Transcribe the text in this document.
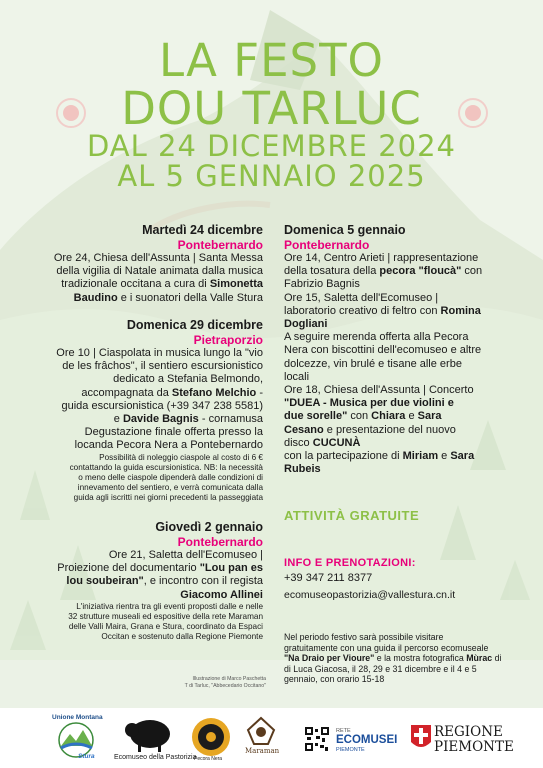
LA FESTO
DOU TARLUC
DAL 24 DICEMBRE 2024
AL 5 GENNAIO 2025
Martedì 24 dicembre
Pontebernardo
Ore 24, Chiesa dell'Assunta | Santa Messa
della vigilia di Natale animata dalla musica
tradizionale occitana a cura di Simonetta
Baudino e i suonatori della Valle Stura
Domenica 29 dicembre
Pietraporzio
Ore 10 | Ciaspolata in musica lungo la "vio
de les frâchos", il sentiero escursionistico
dedicato a Stefania Belmondo,
accompagnata da Stefano Melchio -
guida escursionistica (+39 347 238 5581)
e Davide Bagnis - cornamusa
Degustazione finale offerta presso la
locanda Pecora Nera a Pontebernardo
Possibilità di noleggio ciaspole al costo di 6 €
contattando la guida escursionistica. NB: la necessità
o meno delle ciaspole dipenderà dalle condizioni di
innevamento del sentiero, e verrà comunicata dalla
guida agli iscritti nei giorni precedenti la passeggiata
Giovedì 2 gennaio
Pontebernardo
Ore 21, Saletta dell'Ecomuseo |
Proiezione del documentario "Lou pan es
lou soubeiran", e incontro con il regista
Giacomo Allinei
L'iniziativa rientra tra gli eventi proposti dalle e nelle
32 strutture museali ed espositive della rete Maraman
delle Valli Maira, Grana e Stura, coordinato da Espaci
Occitan e sostenuto dalla Regione Piemonte
Domenica 5 gennaio
Pontebernardo
Ore 14, Centro Arieti | rappresentazione
della tosatura della pecora "floucà" con
Fabrizio Bagnis
Ore 15, Saletta dell'Ecomuseo |
laboratorio creativo di feltro con Romina
Dogliani
A seguire merenda offerta alla Pecora
Nera con biscottini dell'ecomuseo e altre
dolcezze, vin brulé e tisane alle erbe
locali
Ore 18, Chiesa dell'Assunta | Concerto
"DUEA - Musica per due violini e
due sorelle" con Chiara e Sara
Cesano e presentazione del nuovo
disco CUCUNÀ
con la partecipazione di Miriam e Sara
Rubeis
ATTIVITÀ GRATUITE
INFO E PRENOTAZIONI:
+39 347 211 8377
ecomuseopastorizia@vallestura.cn.it
Nel periodo festivo sarà possibile visitare
gratuitamente con una guida il percorso ecomuseale
"Na Draio per Vioure" e la mostra fotografica Mùrac di
di Luca Giacosa, il 28, 29 e 31 dicembre e il 4 e 5
gennaio, con orario 15-18
Illustrazione di Marco Paschetta
T di Tarluc, "Abbecedario Occitano"
Unione Montana
Stura	Ecomuseo della Pastorizia
Pecora Nera
Maraman
RETE
ECOMUSEI
PIEMONTE
REGIONE
PIEMONTE
